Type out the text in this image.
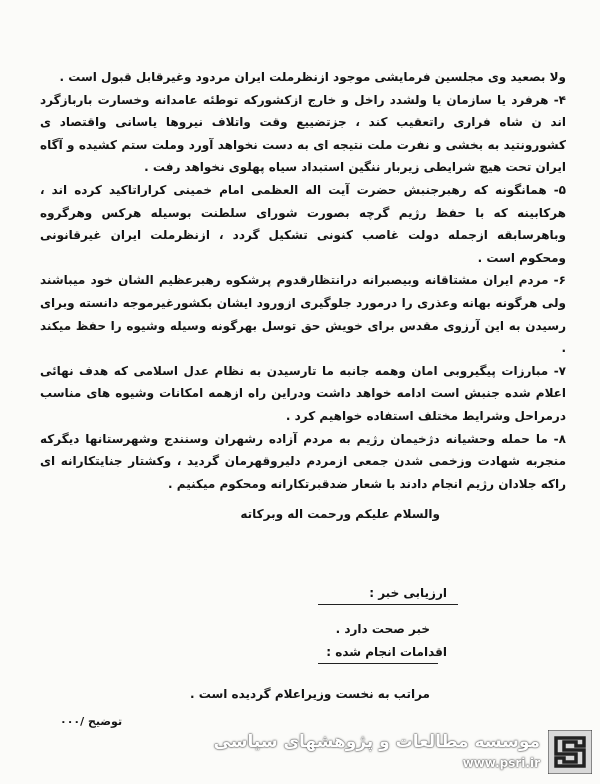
ولا بصعید وی مجلسین فرمایشی موجود ازنظرملت ایران مردود وغیرقابل قبول است .

۴- هرفرد یا سازمان یا ولشدد راخل و خارج ازکشورکه توطئه عامدانه وخسارت باربازگرد اند ن شاه فراری راتعقیب کند ، جزتضییع وقت واتلاف نیروها یاسانی واقتصاد ی کشورونتید به بخشی و نفرت ملت نتیجه ای به دست نخواهد آورد وملت ستم کشیده و آگاه ایران تحت هیچ شرایطی زیربار ننگین استبداد سیاه پهلوی نخواهد رفت .

۵- همانگونه که رهبرجنبش حضرت آیت اله العظمی امام خمینی کراراتاکید کرده اند ، هرکابینه که با حفظ رژیم گرچه بصورت شورای سلطنت بوسیله هرکس وهرگروه وباهرسابقه ازجمله دولت غاصب کنونی تشکیل گردد ، ازنظرملت ایران غیرقانونی ومحکوم است .

۶- مردم ایران مشتاقانه وبیصبرانه درانتظارقدوم پرشکوه رهبرعظیم الشان خود میباشند ولی هرگونه بهانه وعذری را درمورد جلوگیری ازورود ایشان بکشورغیرموجه دانسته وبرای رسیدن به این آرزوی مقدس برای خویش حق توسل بهرگونه وسیله وشیوه را حفظ میکند .

۷- مبارزات پیگیروبی امان وهمه جانبه ما تارسیدن به نظام عدل اسلامی که هدف نهائی اعلام شده جنبش است ادامه خواهد داشت ودراین راه ازهمه امکانات وشیوه های مناسب درمراحل وشرایط مختلف استفاده خواهیم کرد .

۸- ما حمله وحشیانه دژخیمان رژیم به مردم آزاده رشهران وسنندج وشهرستانها دیگرکه منجربه شهادت وزخمی شدن جمعی ازمردم دلیروقهرمان گردید ، وکشتار جنایتکارانه ای راکه جلادان رژیم انجام دادند با شعار ضدقبرتکارانه ومحکوم میکنیم .

والسلام علیکم ورحمت اله وبرکاته
ارزیابی خبر :
خبر صحت دارد .
اقدامات انجام شده :
مراتب به نخست وزیراعلام گردیده است .
توضیح /۰۰۰
موسسه مطالعات و پژوهشهای سیاسی
www.psri.ir
